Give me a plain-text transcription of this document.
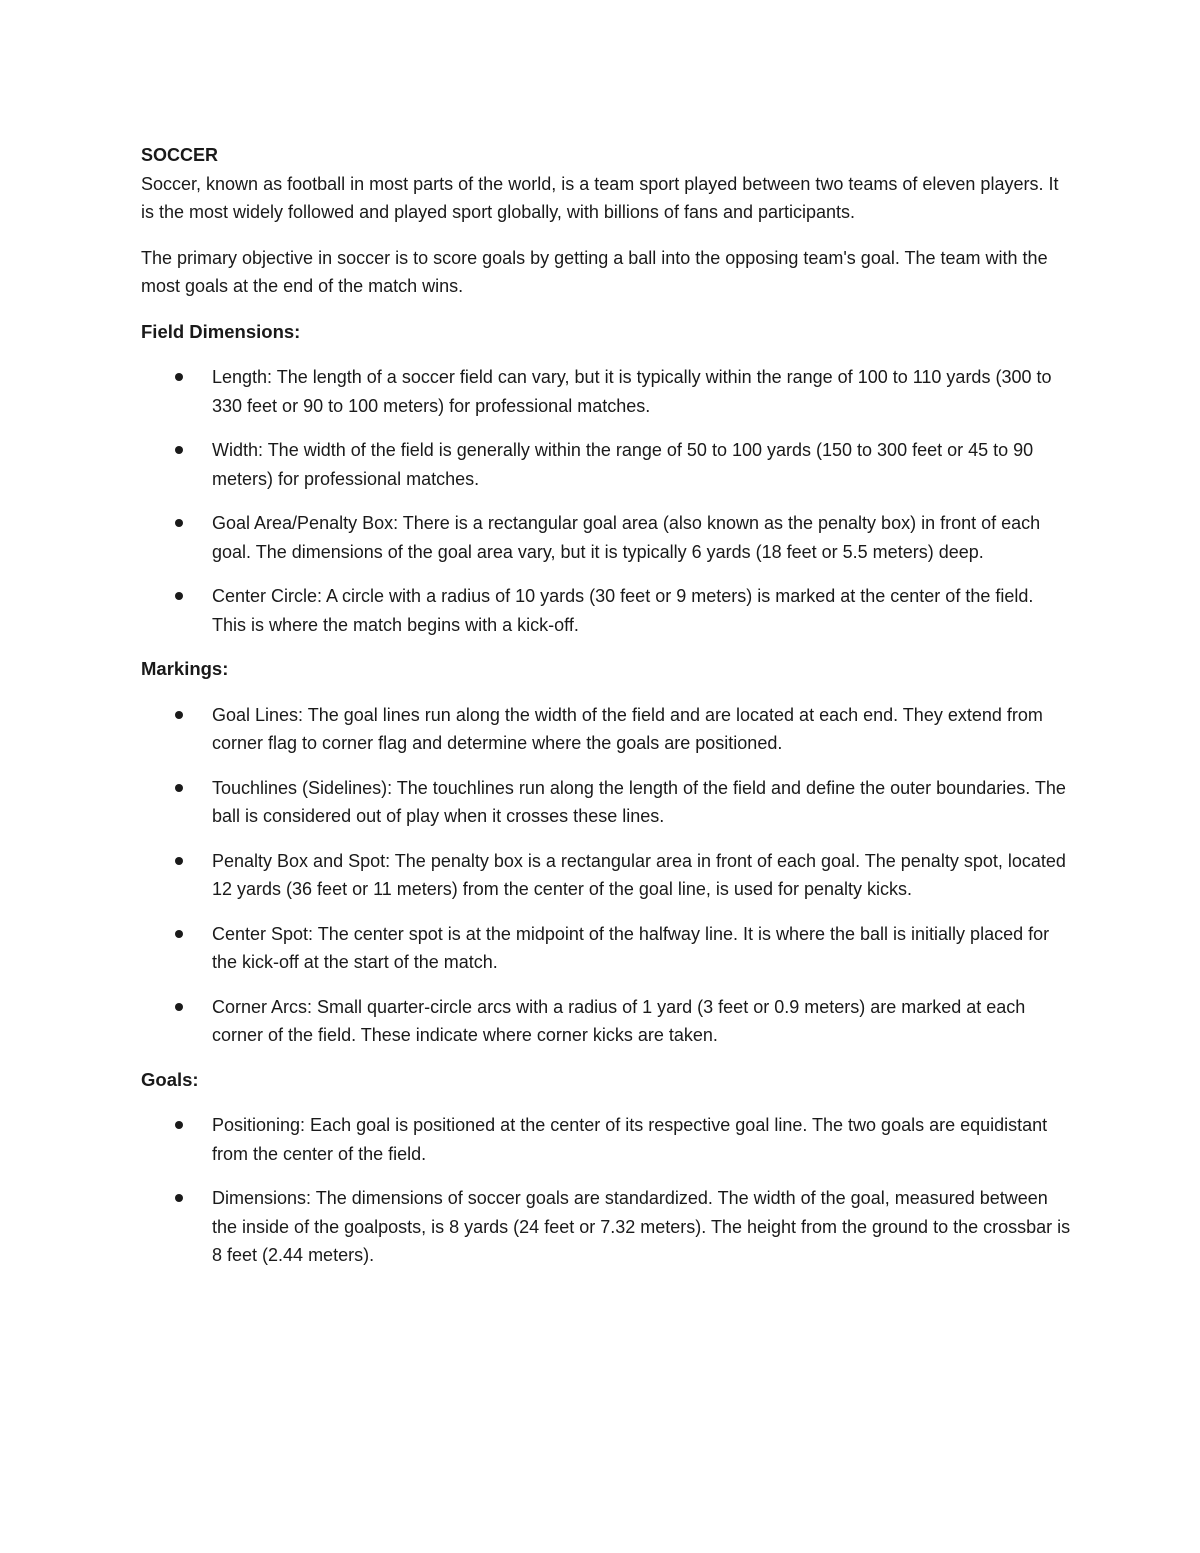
SOCCER

Soccer, known as football in most parts of the world, is a team sport played between two teams of eleven players. It is the most widely followed and played sport globally, with billions of fans and participants.

The primary objective in soccer is to score goals by getting a ball into the opposing team's goal. The team with the most goals at the end of the match wins.

Field Dimensions:
Length: The length of a soccer field can vary, but it is typically within the range of 100 to 110 yards (300 to 330 feet or 90 to 100 meters) for professional matches.
Width: The width of the field is generally within the range of 50 to 100 yards (150 to 300 feet or 45 to 90 meters) for professional matches.
Goal Area/Penalty Box: There is a rectangular goal area (also known as the penalty box) in front of each goal. The dimensions of the goal area vary, but it is typically 6 yards (18 feet or 5.5 meters) deep.
Center Circle: A circle with a radius of 10 yards (30 feet or 9 meters) is marked at the center of the field. This is where the match begins with a kick-off.
Markings:
Goal Lines: The goal lines run along the width of the field and are located at each end. They extend from corner flag to corner flag and determine where the goals are positioned.
Touchlines (Sidelines): The touchlines run along the length of the field and define the outer boundaries. The ball is considered out of play when it crosses these lines.
Penalty Box and Spot: The penalty box is a rectangular area in front of each goal. The penalty spot, located 12 yards (36 feet or 11 meters) from the center of the goal line, is used for penalty kicks.
Center Spot: The center spot is at the midpoint of the halfway line. It is where the ball is initially placed for the kick-off at the start of the match.
Corner Arcs: Small quarter-circle arcs with a radius of 1 yard (3 feet or 0.9 meters) are marked at each corner of the field. These indicate where corner kicks are taken.
Goals:
Positioning: Each goal is positioned at the center of its respective goal line. The two goals are equidistant from the center of the field.
Dimensions: The dimensions of soccer goals are standardized. The width of the goal, measured between the inside of the goalposts, is 8 yards (24 feet or 7.32 meters). The height from the ground to the crossbar is 8 feet (2.44 meters).
